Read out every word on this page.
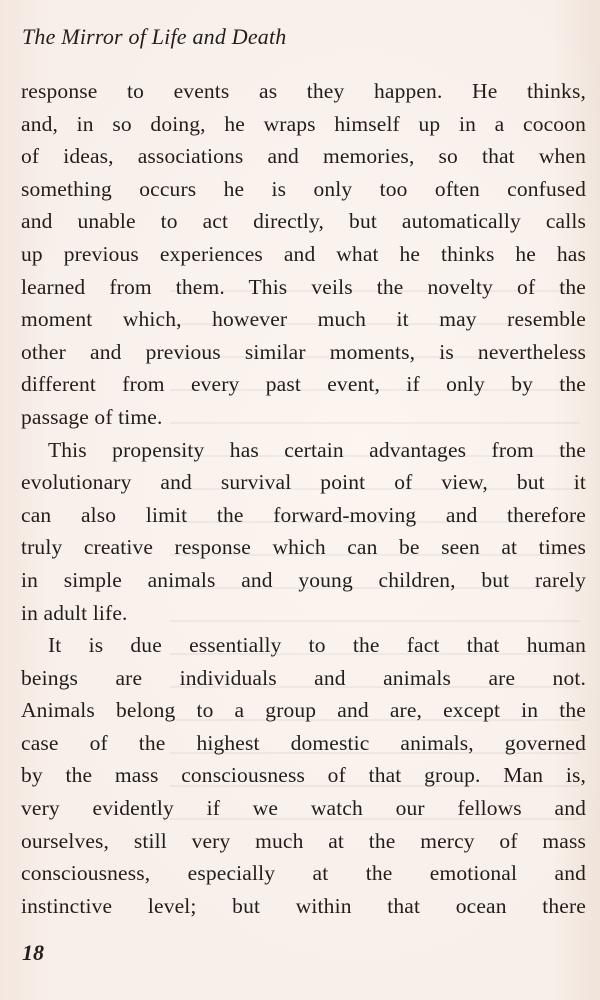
The Mirror of Life and Death

response to events as they happen. He thinks,
and, in so doing, he wraps himself up in a cocoon
of ideas, associations and memories, so that when
something occurs he is only too often confused
and unable to act directly, but automatically calls
up previous experiences and what he thinks he has
learned from them. This veils the novelty of the
moment which, however much it may resemble
other and previous similar moments, is nevertheless
different from every past event, if only by the
passage of time.

This propensity has certain advantages from the
evolutionary and survival point of view, but it
can also limit the forward-moving and therefore
truly creative response which can be seen at times
in simple animals and young children, but rarely
in adult life.

It is due essentially to the fact that human
beings are individuals and animals are not.
Animals belong to a group and are, except in the
case of the highest domestic animals, governed
by the mass consciousness of that group. Man is,
very evidently if we watch our fellows and
ourselves, still very much at the mercy of mass
consciousness, especially at the emotional and
instinctive level; but within that ocean there

18
